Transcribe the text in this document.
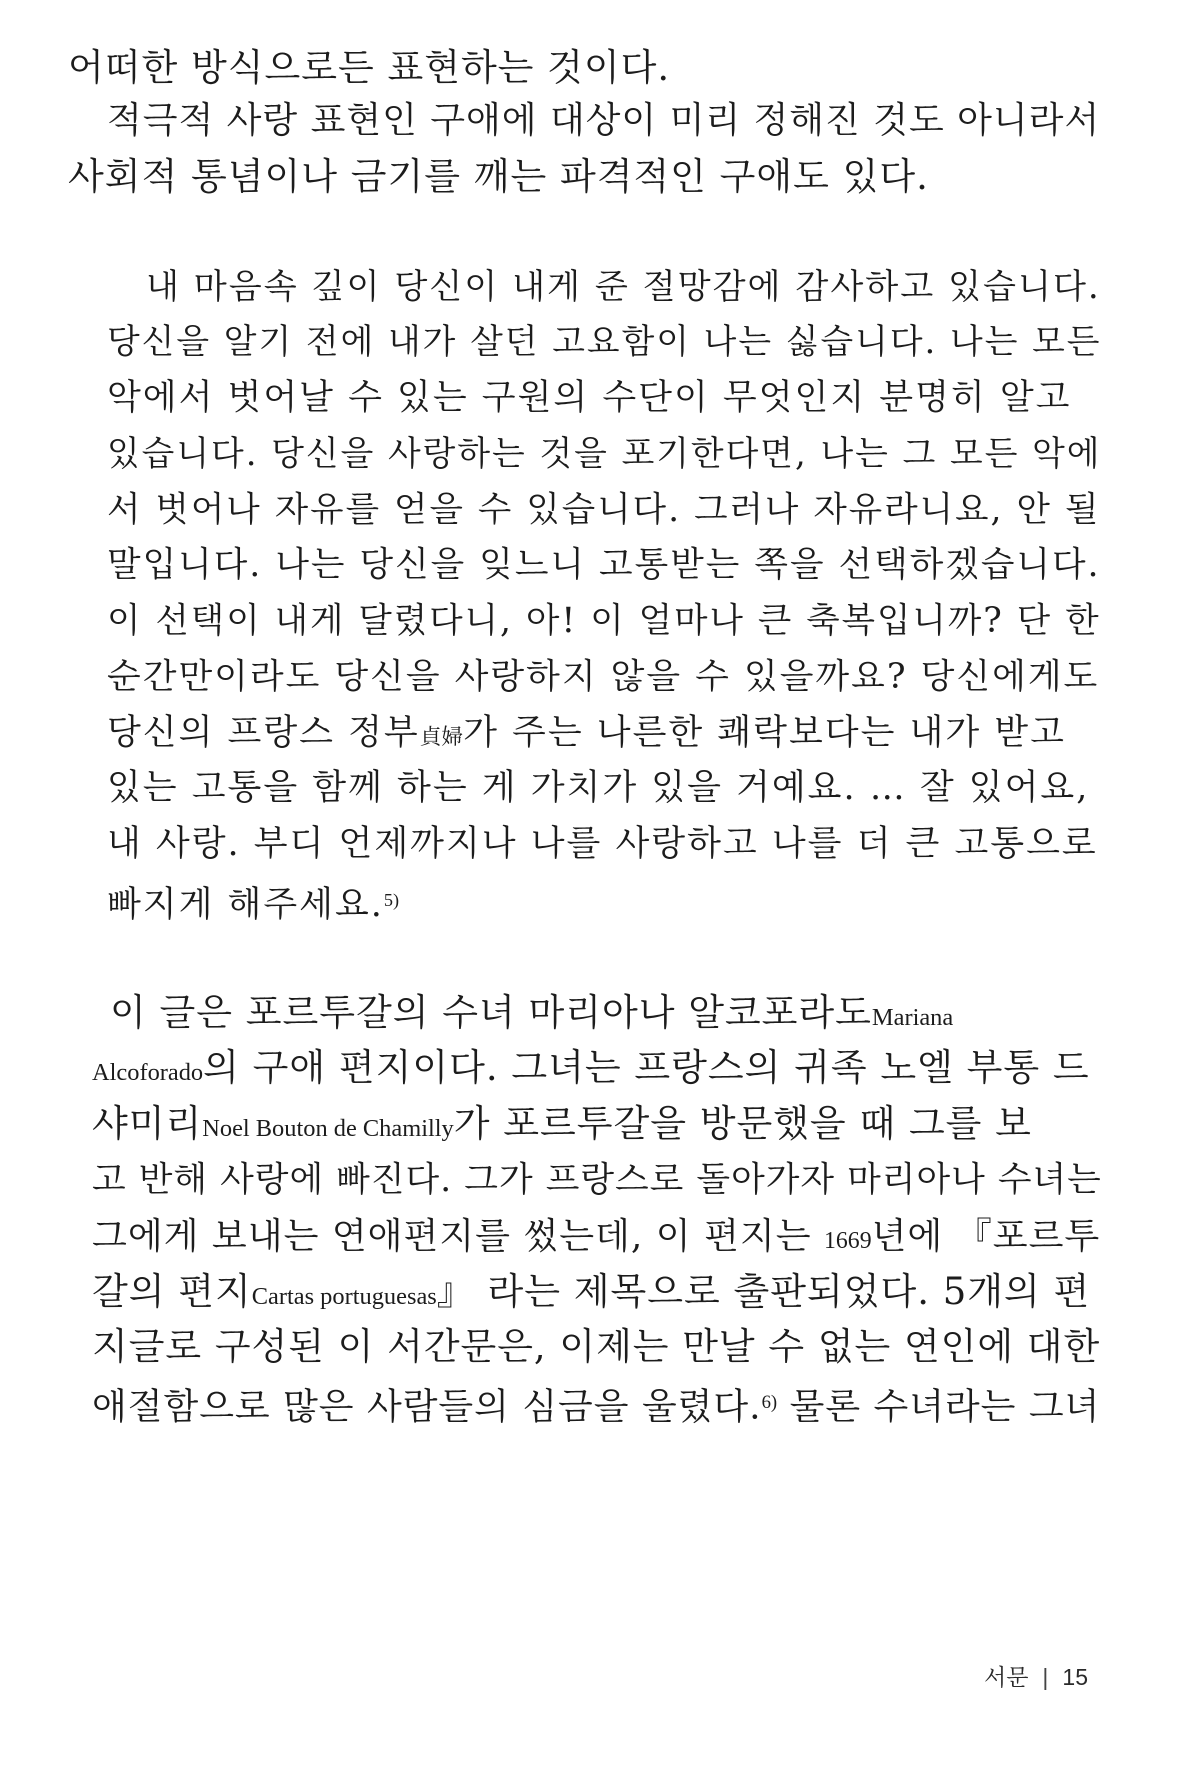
어떠한 방식으로든 표현하는 것이다.
적극적 사랑 표현인 구애에 대상이 미리 정해진 것도 아니라서
사회적 통념이나 금기를 깨는 파격적인 구애도 있다.
내 마음속 깊이 당신이 내게 준 절망감에 감사하고 있습니다.
당신을 알기 전에 내가 살던 고요함이 나는 싫습니다. 나는 모든
악에서 벗어날 수 있는 구원의 수단이 무엇인지 분명히 알고
있습니다. 당신을 사랑하는 것을 포기한다면, 나는 그 모든 악에
서 벗어나 자유를 얻을 수 있습니다. 그러나 자유라니요, 안 될
말입니다. 나는 당신을 잊느니 고통받는 쪽을 선택하겠습니다.
이 선택이 내게 달렸다니, 아! 이 얼마나 큰 축복입니까? 단 한
순간만이라도 당신을 사랑하지 않을 수 있을까요? 당신에게도
당신의 프랑스 정부貞婦가 주는 나른한 쾌락보다는 내가 받고
있는 고통을 함께 하는 게 가치가 있을 거예요. … 잘 있어요,
내 사랑. 부디 언제까지나 나를 사랑하고 나를 더 큰 고통으로
빠지게 해주세요.$^{5)}$
이 글은 포르투갈의 수녀 마리아나 알코포라도Mariana
Alcoforado의 구애 편지이다. 그녀는 프랑스의 귀족 노엘 부통 드
샤미리Noel Bouton de Chamilly가 포르투갈을 방문했을 때 그를 보
고 반해 사랑에 빠진다. 그가 프랑스로 돌아가자 마리아나 수녀는
그에게 보내는 연애편지를 썼는데, 이 편지는 1669년에 『포르투
갈의 편지Cartas portuguesas』 라는 제목으로 출판되었다. 5개의 편
지글로 구성된 이 서간문은, 이제는 만날 수 없는 연인에 대한
애절함으로 많은 사람들의 심금을 울렸다.$^{6)}$ 물론 수녀라는 그녀
서문 | 15
